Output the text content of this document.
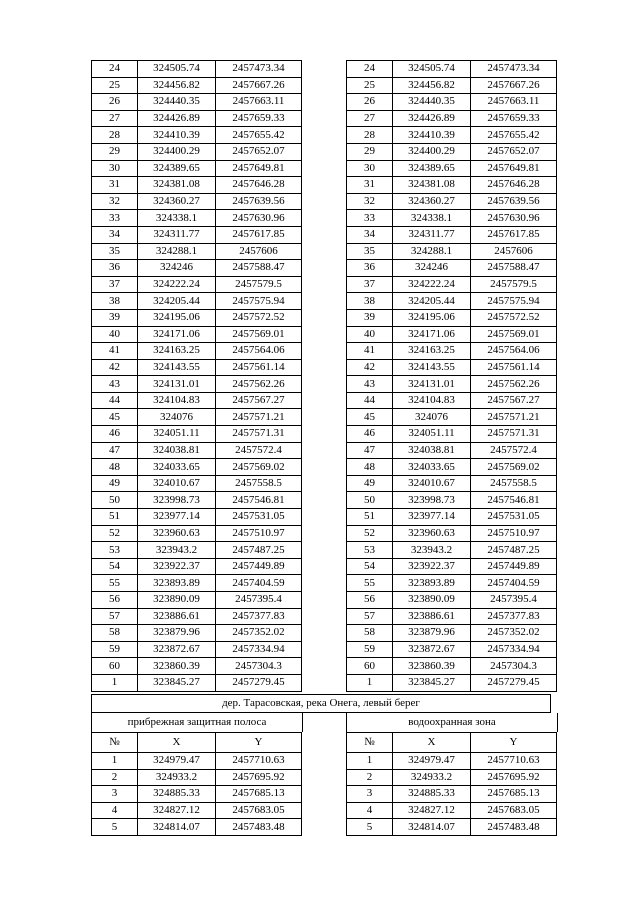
24	324505.74	2457473.34
25	324456.82	2457667.26
26	324440.35	2457663.11
27	324426.89	2457659.33
28	324410.39	2457655.42
29	324400.29	2457652.07
30	324389.65	2457649.81
31	324381.08	2457646.28
32	324360.27	2457639.56
33	324338.1	2457630.96
34	324311.77	2457617.85
35	324288.1	2457606
36	324246	2457588.47
37	324222.24	2457579.5
38	324205.44	2457575.94
39	324195.06	2457572.52
40	324171.06	2457569.01
41	324163.25	2457564.06
42	324143.55	2457561.14
43	324131.01	2457562.26
44	324104.83	2457567.27
45	324076	2457571.21
46	324051.11	2457571.31
47	324038.81	2457572.4
48	324033.65	2457569.02
49	324010.67	2457558.5
50	323998.73	2457546.81
51	323977.14	2457531.05
52	323960.63	2457510.97
53	323943.2	2457487.25
54	323922.37	2457449.89
55	323893.89	2457404.59
56	323890.09	2457395.4
57	323886.61	2457377.83
58	323879.96	2457352.02
59	323872.67	2457334.94
60	323860.39	2457304.3
1	323845.27	2457279.45
24	324505.74	2457473.34
25	324456.82	2457667.26
26	324440.35	2457663.11
27	324426.89	2457659.33
28	324410.39	2457655.42
29	324400.29	2457652.07
30	324389.65	2457649.81
31	324381.08	2457646.28
32	324360.27	2457639.56
33	324338.1	2457630.96
34	324311.77	2457617.85
35	324288.1	2457606
36	324246	2457588.47
37	324222.24	2457579.5
38	324205.44	2457575.94
39	324195.06	2457572.52
40	324171.06	2457569.01
41	324163.25	2457564.06
42	324143.55	2457561.14
43	324131.01	2457562.26
44	324104.83	2457567.27
45	324076	2457571.21
46	324051.11	2457571.31
47	324038.81	2457572.4
48	324033.65	2457569.02
49	324010.67	2457558.5
50	323998.73	2457546.81
51	323977.14	2457531.05
52	323960.63	2457510.97
53	323943.2	2457487.25
54	323922.37	2457449.89
55	323893.89	2457404.59
56	323890.09	2457395.4
57	323886.61	2457377.83
58	323879.96	2457352.02
59	323872.67	2457334.94
60	323860.39	2457304.3
1	323845.27	2457279.45
дер. Тарасовская, река Онега, левый берег
прибрежная защитная полоса	водоохранная зона
№	X	Y
1	324979.47	2457710.63
2	324933.2	2457695.92
3	324885.33	2457685.13
4	324827.12	2457683.05
5	324814.07	2457483.48
№	X	Y
1	324979.47	2457710.63
2	324933.2	2457695.92
3	324885.33	2457685.13
4	324827.12	2457683.05
5	324814.07	2457483.48
